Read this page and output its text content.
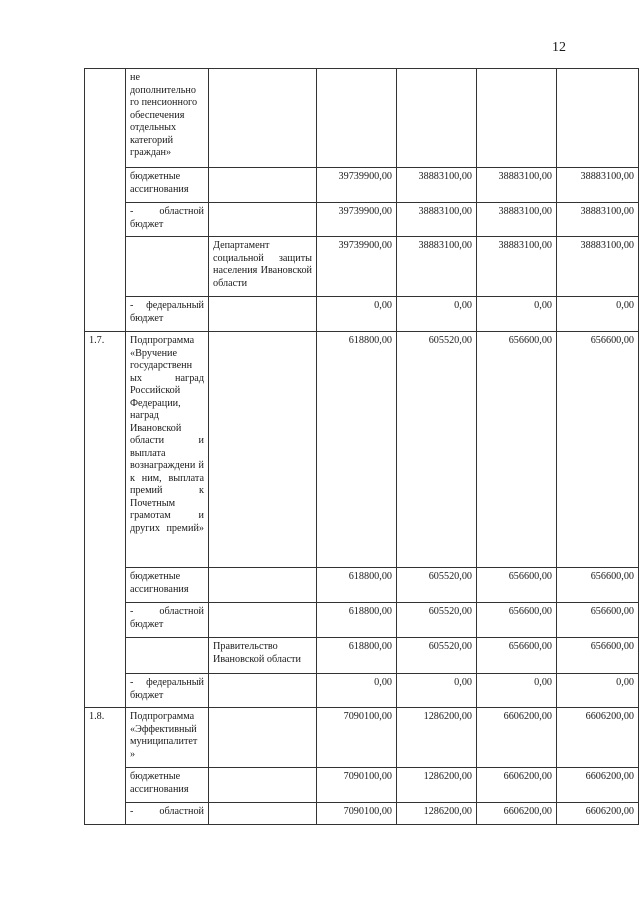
12
	не дополнительно го пенсионного обеспечения отдельных категорий граждан»					
	бюджетные ассигнования		39739900,00	38883100,00	38883100,00	38883100,00
	- областной бюджет		39739900,00	38883100,00	38883100,00	38883100,00
		Департамент социальной защиты населения Ивановской области	39739900,00	38883100,00	38883100,00	38883100,00
	- федеральный бюджет		0,00	0,00	0,00	0,00
1.7.	Подпрограмма «Вручение государственн ых наград Российской Федерации, наград Ивановской области и выплата вознаграждени й к ним, выплата премий к Почетным грамотам и других премий»		618800,00	605520,00	656600,00	656600,00
	бюджетные ассигнования		618800,00	605520,00	656600,00	656600,00
	- областной бюджет		618800,00	605520,00	656600,00	656600,00
		Правительство Ивановской области	618800,00	605520,00	656600,00	656600,00
	- федеральный бюджет		0,00	0,00	0,00	0,00
1.8.	Подпрограмма «Эффективный муниципалитет »		7090100,00	1286200,00	6606200,00	6606200,00
	бюджетные ассигнования		7090100,00	1286200,00	6606200,00	6606200,00
	- областной		7090100,00	1286200,00	6606200,00	6606200,00
